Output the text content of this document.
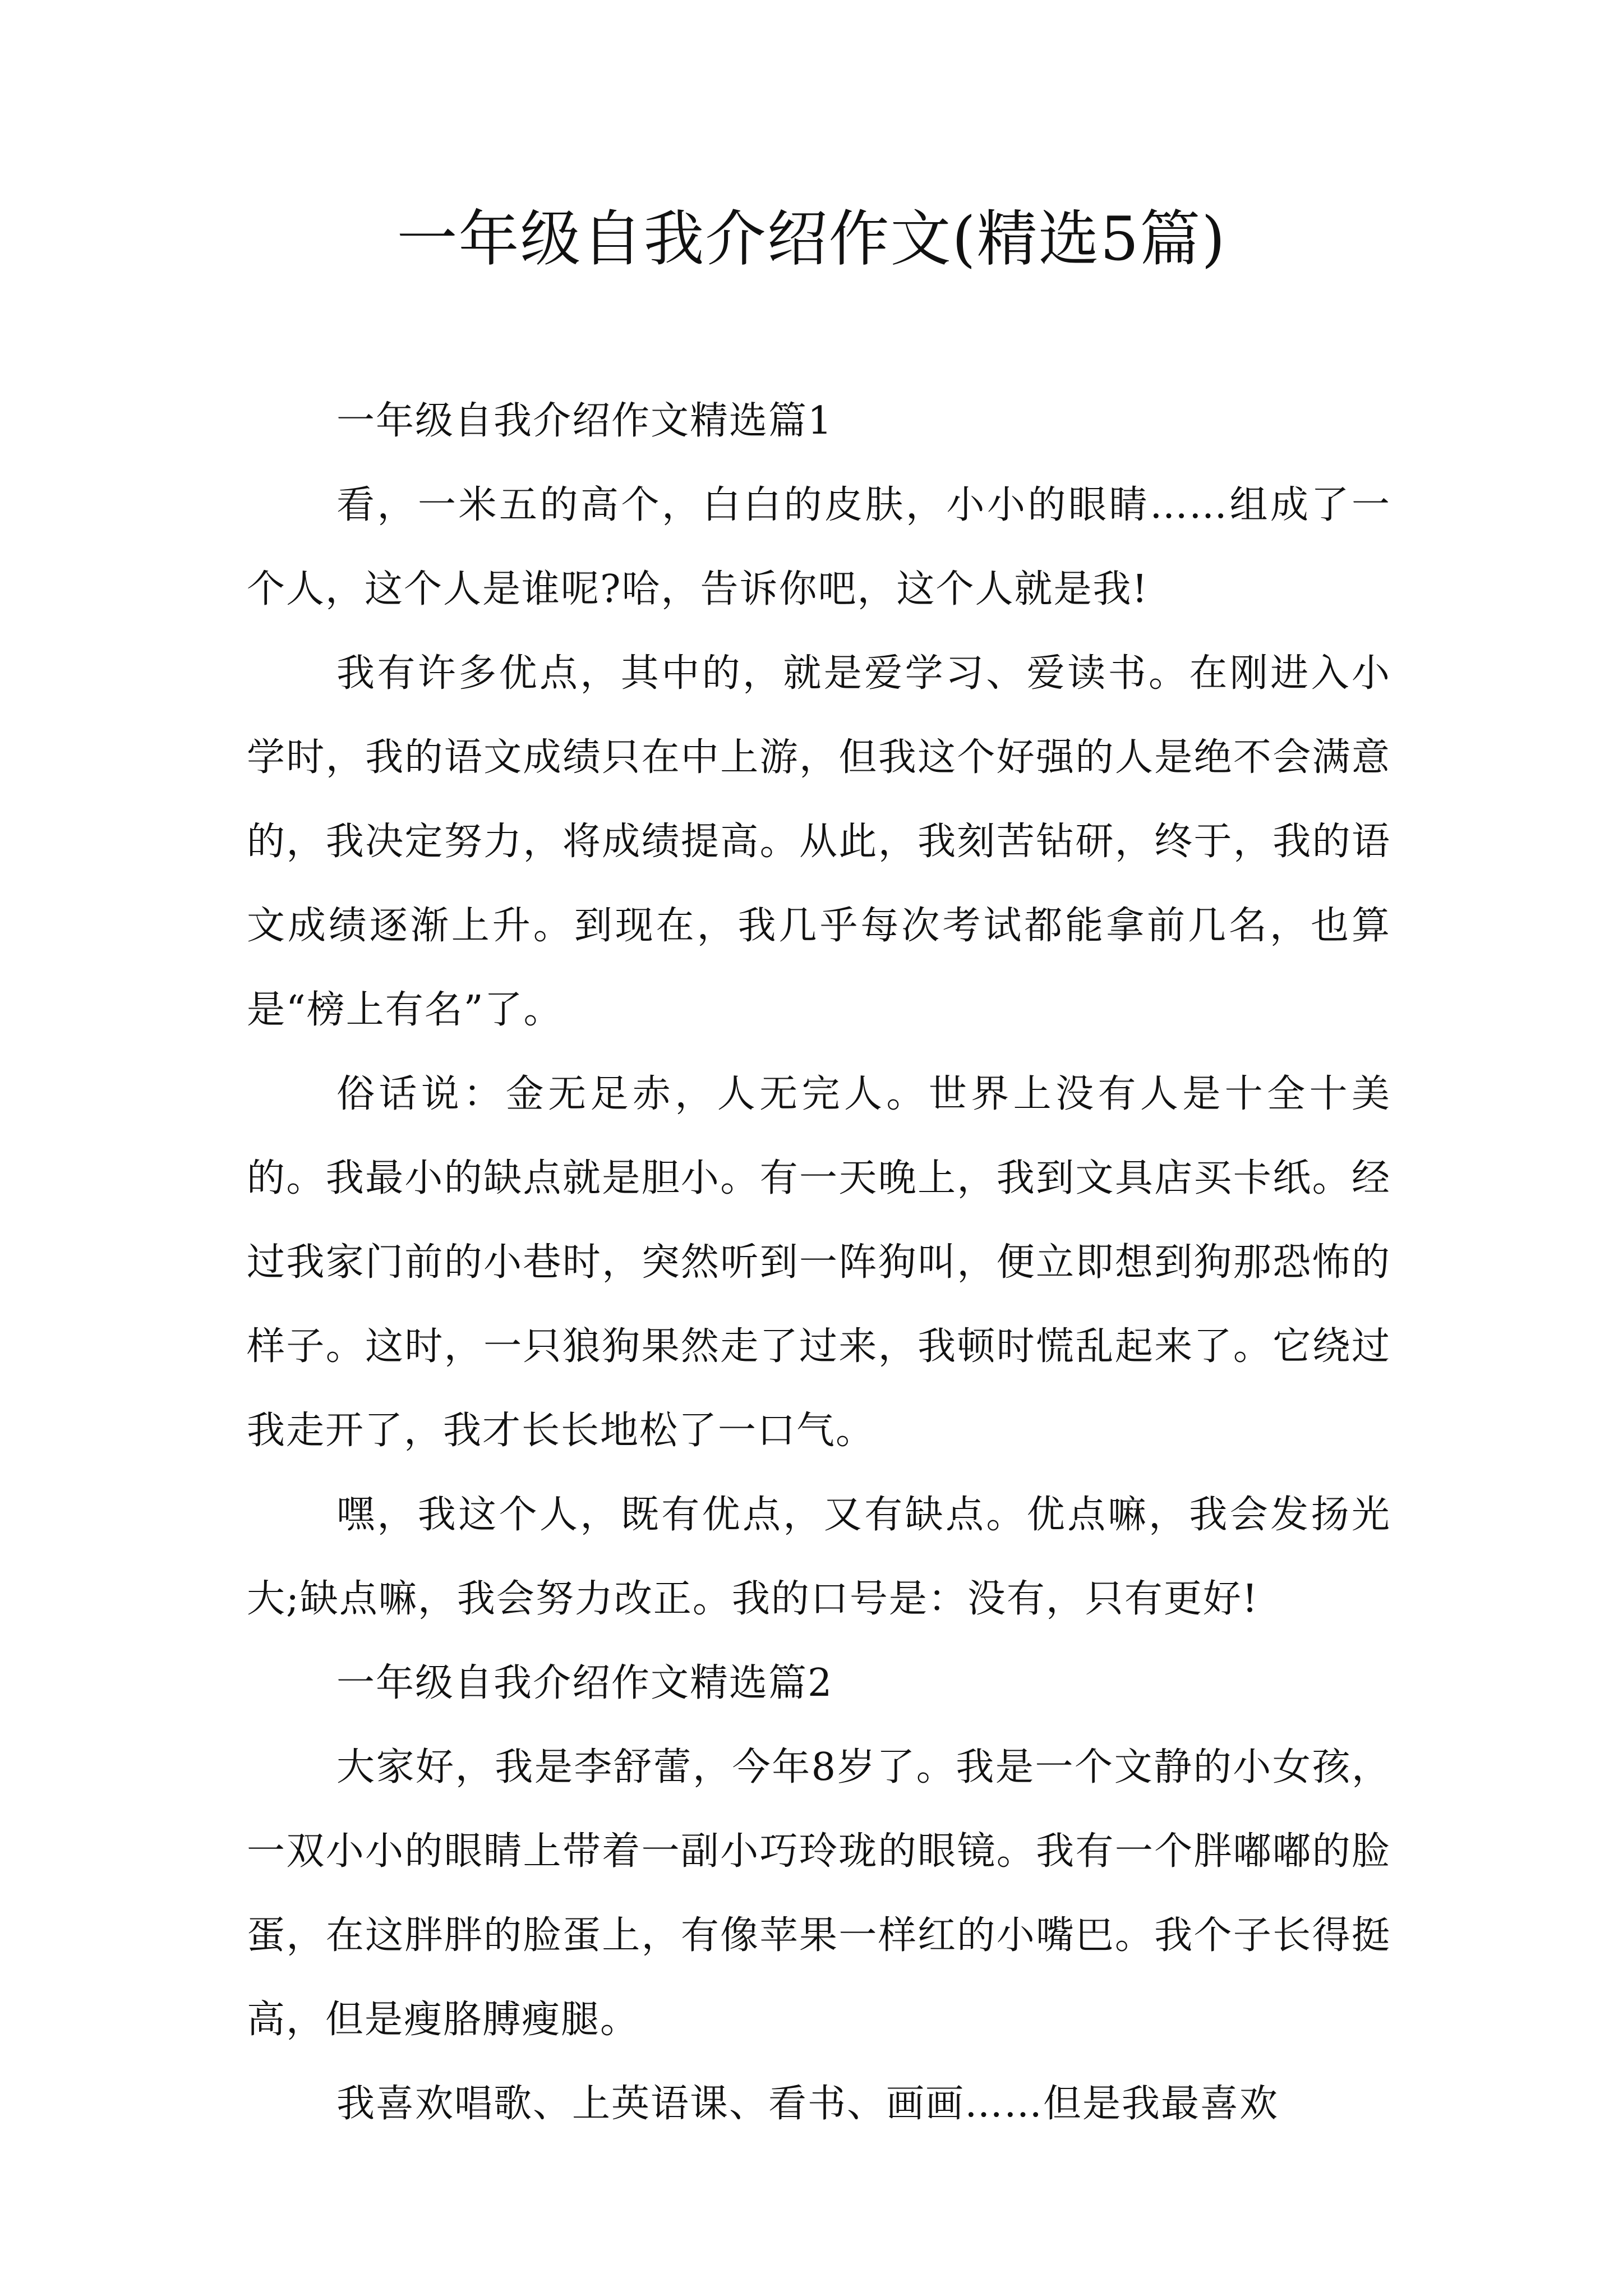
一年级自我介绍作文(精选5篇)

一年级自我介绍作文精选篇1

看，一米五的高个，白白的皮肤，小小的眼睛……组成了一个人，这个人是谁呢?哈，告诉你吧，这个人就是我!

我有许多优点，其中的，就是爱学习、爱读书。在刚进入小学时，我的语文成绩只在中上游，但我这个好强的人是绝不会满意的，我决定努力，将成绩提高。从此，我刻苦钻研，终于，我的语文成绩逐渐上升。到现在，我几乎每次考试都能拿前几名，也算是“榜上有名”了。

俗话说：金无足赤，人无完人。世界上没有人是十全十美的。我最小的缺点就是胆小。有一天晚上，我到文具店买卡纸。经过我家门前的小巷时，突然听到一阵狗叫，便立即想到狗那恐怖的样子。这时，一只狼狗果然走了过来，我顿时慌乱起来了。它绕过我走开了，我才长长地松了一口气。

嘿，我这个人，既有优点，又有缺点。优点嘛，我会发扬光大;缺点嘛，我会努力改正。我的口号是：没有，只有更好!

一年级自我介绍作文精选篇2

大家好，我是李舒蕾，今年8岁了。我是一个文静的小女孩，一双小小的眼睛上带着一副小巧玲珑的眼镜。我有一个胖嘟嘟的脸蛋，在这胖胖的脸蛋上，有像苹果一样红的小嘴巴。我个子长得挺高，但是瘦胳膊瘦腿。

我喜欢唱歌、上英语课、看书、画画……但是我最喜欢
